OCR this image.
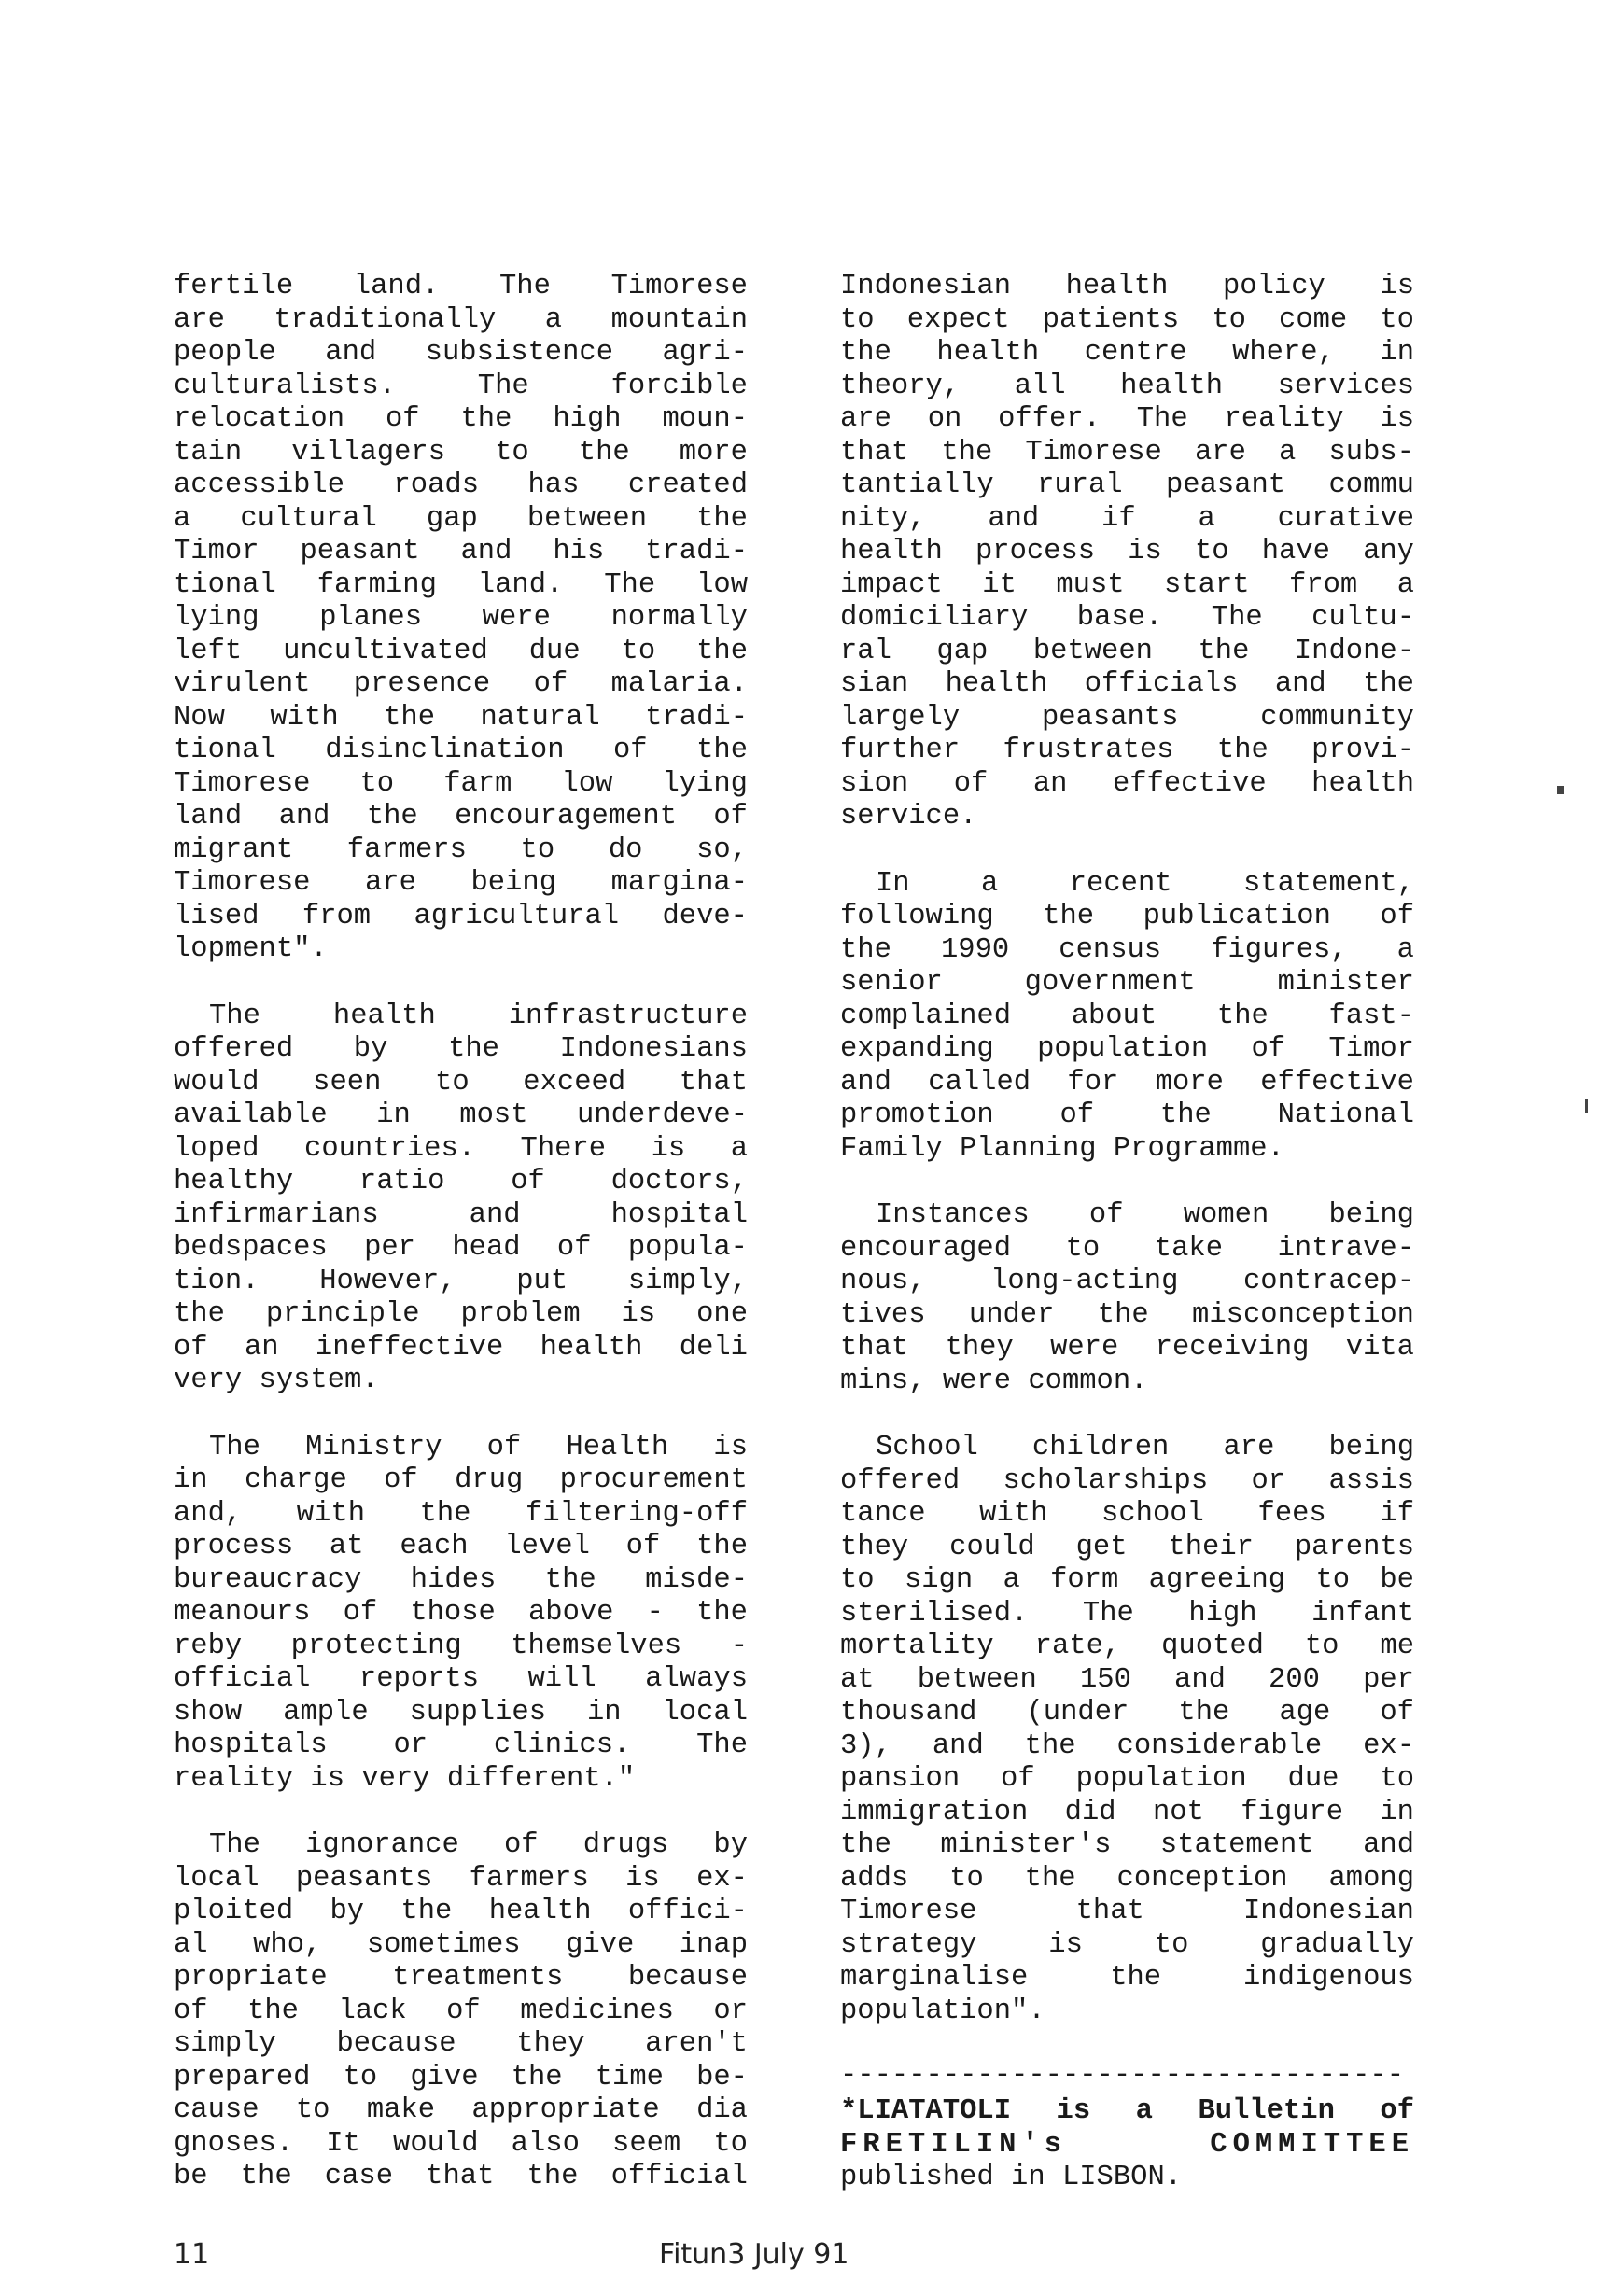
fertile land. The Timorese
are traditionally a mountain
people and subsistence agri-
culturalists. The forcible
relocation of the high moun-
tain villagers to the more
accessible roads has created
a cultural gap between the
Timor peasant and his tradi-
tional farming land. The low
lying planes were normally
left uncultivated due to the
virulent presence of malaria.
Now with the natural tradi-
tional disinclination of the
Timorese to farm low lying
land and the encouragement of
migrant farmers to do so,
Timorese are being margina-
lised from agricultural deve-
lopment".
The health infrastructure
offered by the Indonesians
would seen to exceed that
available in most underdeve-
loped countries. There is a
healthy ratio of doctors,
infirmarians and hospital
bedspaces per head of popula-
tion. However, put simply,
the principle problem is one
of an ineffective health deli
very system.
The Ministry of Health is
in charge of drug procurement
and, with the filtering-off
process at each level of the
bureaucracy hides the misde-
meanours of those above - the
reby protecting themselves -
official reports will always
show ample supplies in local
hospitals or clinics. The
reality is very different."
The ignorance of drugs by
local peasants farmers is ex-
ploited by the health offici-
al who, sometimes give inap
propriate treatments because
of the lack of medicines or
simply because they aren't
prepared to give the time be-
cause to make appropriate dia
gnoses. It would also seem to
be the case that the official
Indonesian health policy is
to expect patients to come to
the health centre where, in
theory, all health services
are on offer. The reality is
that the Timorese are a subs-
tantially rural peasant commu
nity, and if a curative
health process is to have any
impact it must start from a
domiciliary base. The cultu-
ral gap between the Indone-
sian health officials and the
largely peasants community
further frustrates the provi-
sion of an effective health
service.
In a recent statement,
following the publication of
the 1990 census figures, a
senior government minister
complained about the fast-
expanding population of Timor
and called for more effective
promotion of the National
Family Planning Programme.
Instances of women being
encouraged to take intrave-
nous, long-acting contracep-
tives under the misconception
that they were receiving vita
mins, were common.
School children are being
offered scholarships or assis
tance with school fees if
they could get their parents
to sign a form agreeing to be
sterilised. The high infant
mortality rate, quoted to me
at between 150 and 200 per
thousand (under the age of
3), and the considerable ex-
pansion of population due to
immigration did not figure in
the minister's statement and
adds to the conception among
Timorese that Indonesian
strategy is to gradually
marginalise the indigenous
population".
---------------------------------
*LIATATOLI is a Bulletin of
FRETILIN's COMMITTEE
published in LISBON.
11	Fitun3 July 91
